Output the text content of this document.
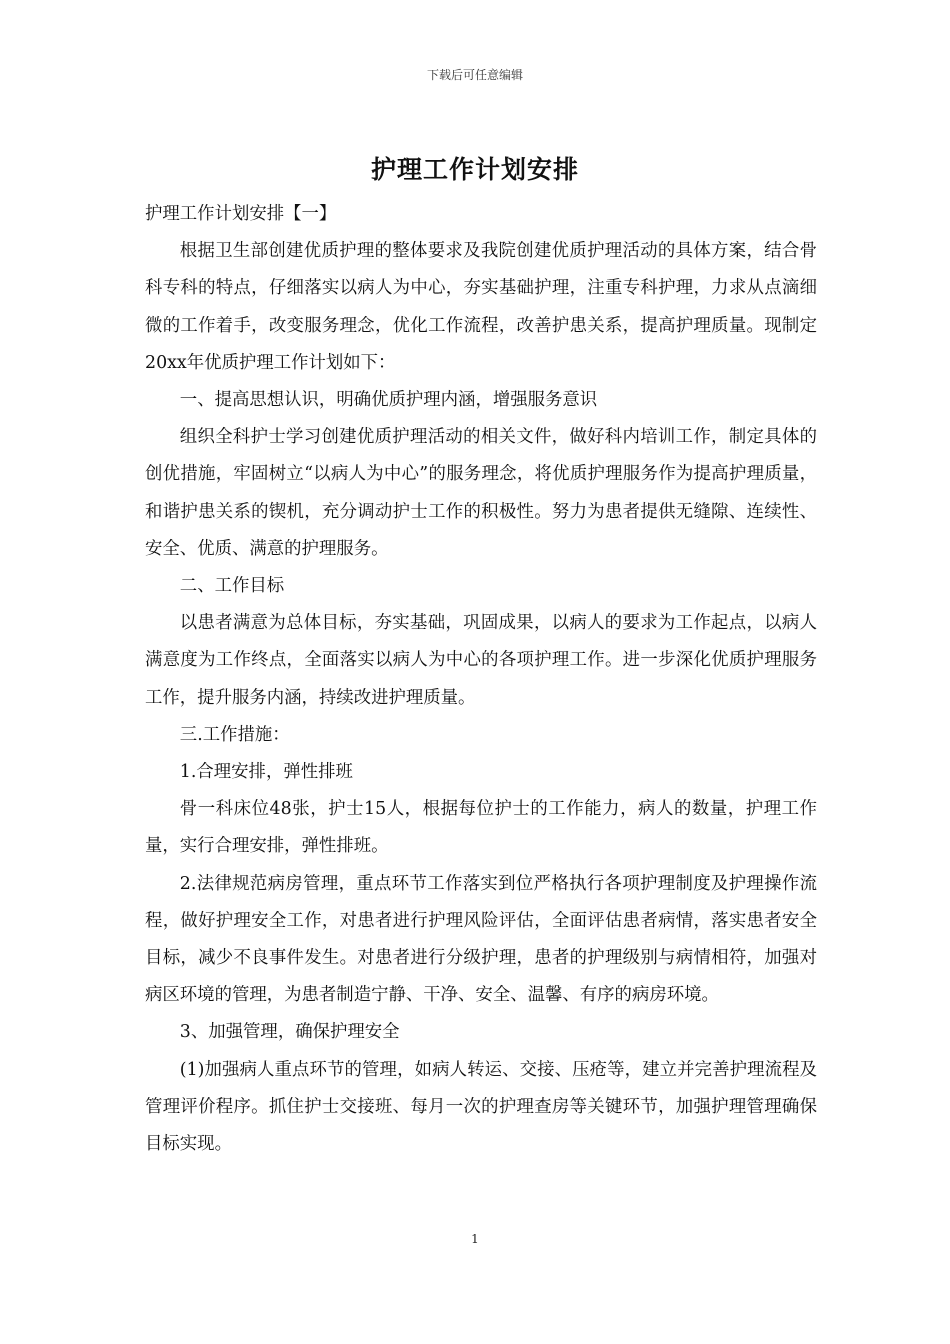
下载后可任意编辑
护理工作计划安排

护理工作计划安排【一】

根据卫生部创建优质护理的整体要求及我院创建优质护理活动的具体方案，结合骨科专科的特点，仔细落实以病人为中心，夯实基础护理，注重专科护理，力求从点滴细微的工作着手，改变服务理念，优化工作流程，改善护患关系，提高护理质量。现制定20xx年优质护理工作计划如下：

一、提高思想认识，明确优质护理内涵，增强服务意识

组织全科护士学习创建优质护理活动的相关文件，做好科内培训工作，制定具体的创优措施，牢固树立“以病人为中心”的服务理念，将优质护理服务作为提高护理质量，和谐护患关系的锲机，充分调动护士工作的积极性。努力为患者提供无缝隙、连续性、安全、优质、满意的护理服务。

二、工作目标

以患者满意为总体目标，夯实基础，巩固成果，以病人的要求为工作起点，以病人满意度为工作终点，全面落实以病人为中心的各项护理工作。进一步深化优质护理服务工作，提升服务内涵，持续改进护理质量。

三.工作措施：

1.合理安排，弹性排班

骨一科床位48张，护士15人，根据每位护士的工作能力，病人的数量，护理工作量，实行合理安排，弹性排班。

2.法律规范病房管理，重点环节工作落实到位严格执行各项护理制度及护理操作流程，做好护理安全工作，对患者进行护理风险评估，全面评估患者病情，落实患者安全目标，减少不良事件发生。对患者进行分级护理，患者的护理级别与病情相符，加强对病区环境的管理，为患者制造宁静、干净、安全、温馨、有序的病房环境。

3、加强管理，确保护理安全

(1)加强病人重点环节的管理，如病人转运、交接、压疮等，建立并完善护理流程及管理评价程序。抓住护士交接班、每月一次的护理查房等关键环节，加强护理管理确保目标实现。

1
